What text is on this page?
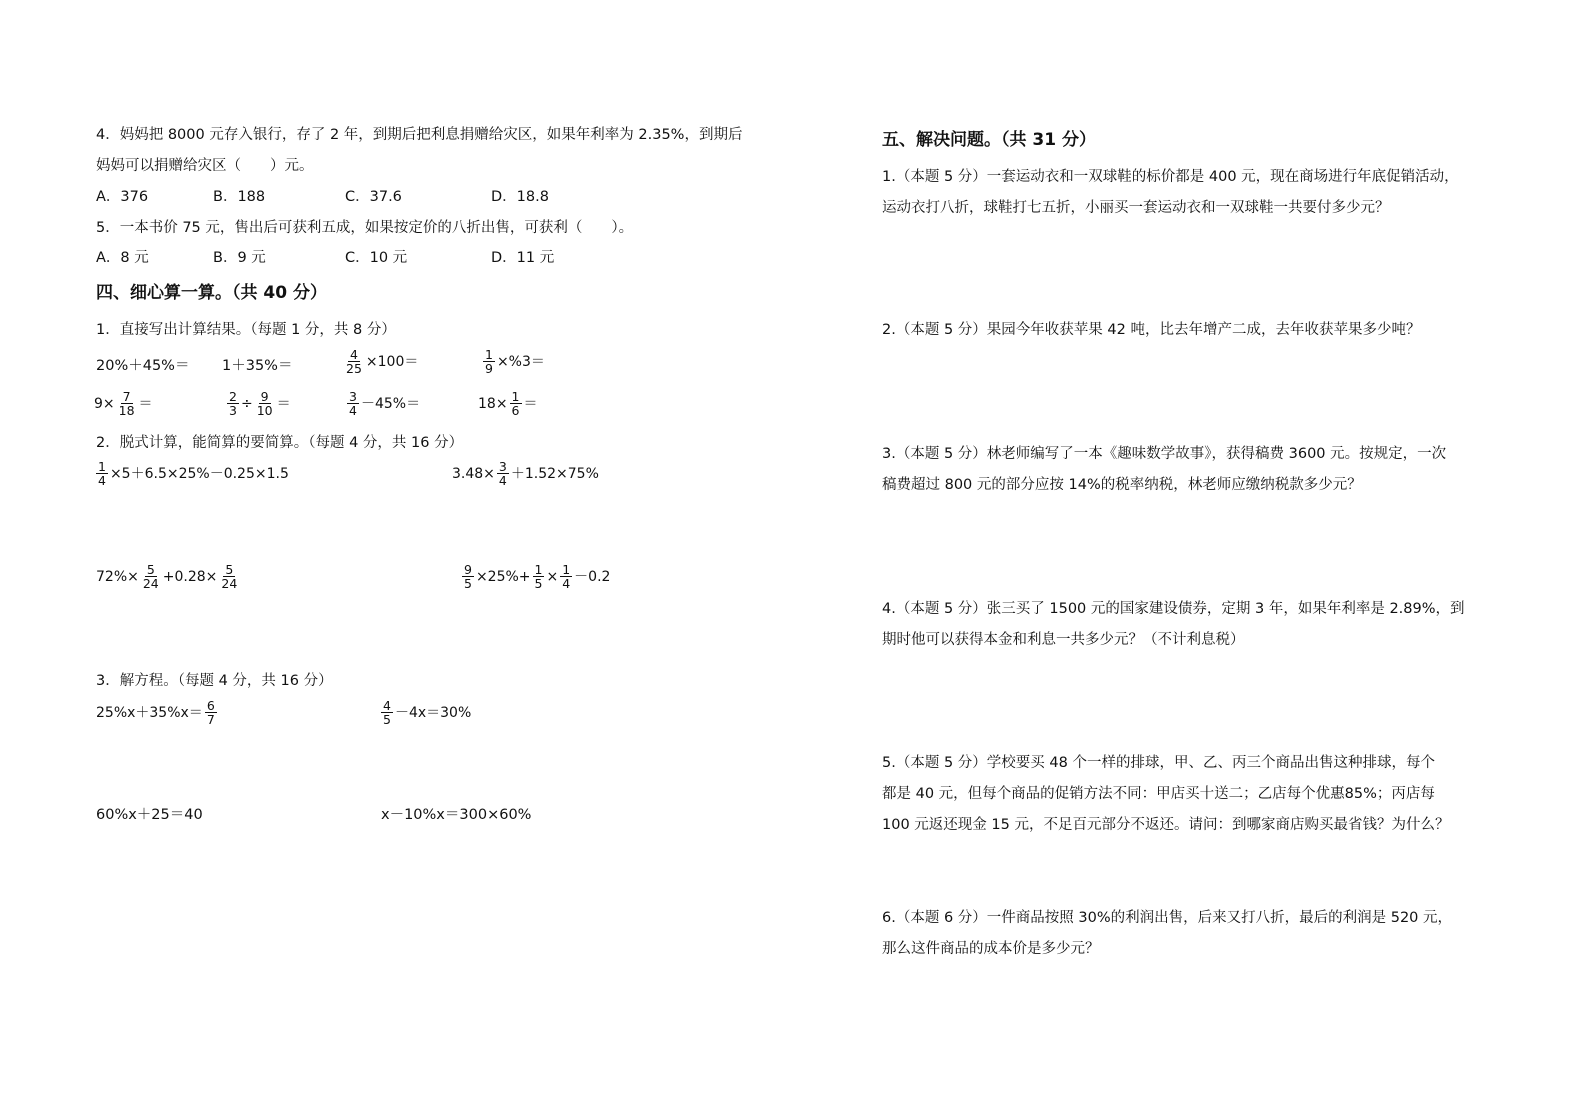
4．妈妈把 8000 元存入银行，存了 2 年，到期后把利息捐赠给灾区，如果年利率为 2.35%，到期后
妈妈可以捐赠给灾区（　　）元。
A．376	B．188	C．37.6	D．18.8
5．一本书价 75 元，售出后可获利五成，如果按定价的八折出售，可获利（　　）。
A．8 元	B．9 元	C．10 元	D．11 元
四、细心算一算。（共 40 分）
1．直接写出计算结果。（每题 1 分，共 8 分）
20%＋45%＝ 1＋35%＝	$\frac{4}{25} \times 100=$	$\frac{1}{9} \times\%3=$
$9\times \frac{7}{18}$ ＝	$\frac{2}{3} \div \frac{9}{10}$ ＝	$\frac{3}{4} -45\%=$	$18\times \frac{1}{6}$ ＝
2．脱式计算，能简算的要简算。（每题 4 分，共 16 分）
$\frac{1}{4} \times 5+6.5\times 25\%-0.25\times 1.5$	$3.48\times \frac{3}{4} +1.52\times 75\%$
$72\%\times \frac{5}{24} +0.28\times \frac{5}{24}$	$\frac{9}{5} \times 25\%+ \frac{1}{5} \times \frac{1}{4} -0.2$
3．解方程。（每题 4 分，共 16 分）
$25\%x+35\%x= \frac{6}{7}$	$\frac{4}{5} -4x=30\%$
60%x＋25＝40	x－10%x＝300×60%
五、解决问题。（共 31 分）
1.（本题 5 分）一套运动衣和一双球鞋的标价都是 400 元，现在商场进行年底促销活动，
运动衣打八折，球鞋打七五折，小丽买一套运动衣和一双球鞋一共要付多少元？
2.（本题 5 分）果园今年收获苹果 42 吨，比去年增产二成，去年收获苹果多少吨？
3.（本题 5 分）林老师编写了一本《趣味数学故事》，获得稿费 3600 元。按规定，一次
稿费超过 800 元的部分应按 14%的税率纳税，林老师应缴纳税款多少元？
4.（本题 5 分）张三买了 1500 元的国家建设债券，定期 3 年，如果年利率是 2.89%，到
期时他可以获得本金和利息一共多少元？（不计利息税）
5.（本题 5 分）学校要买 48 个一样的排球，甲、乙、丙三个商品出售这种排球，每个
都是 40 元，但每个商品的促销方法不同：甲店买十送二；乙店每个优惠85%；丙店每
100 元返还现金 15 元，不足百元部分不返还。请问：到哪家商店购买最省钱？为什么？
6.（本题 6 分）一件商品按照 30%的利润出售，后来又打八折，最后的利润是 520 元，
那么这件商品的成本价是多少元？
